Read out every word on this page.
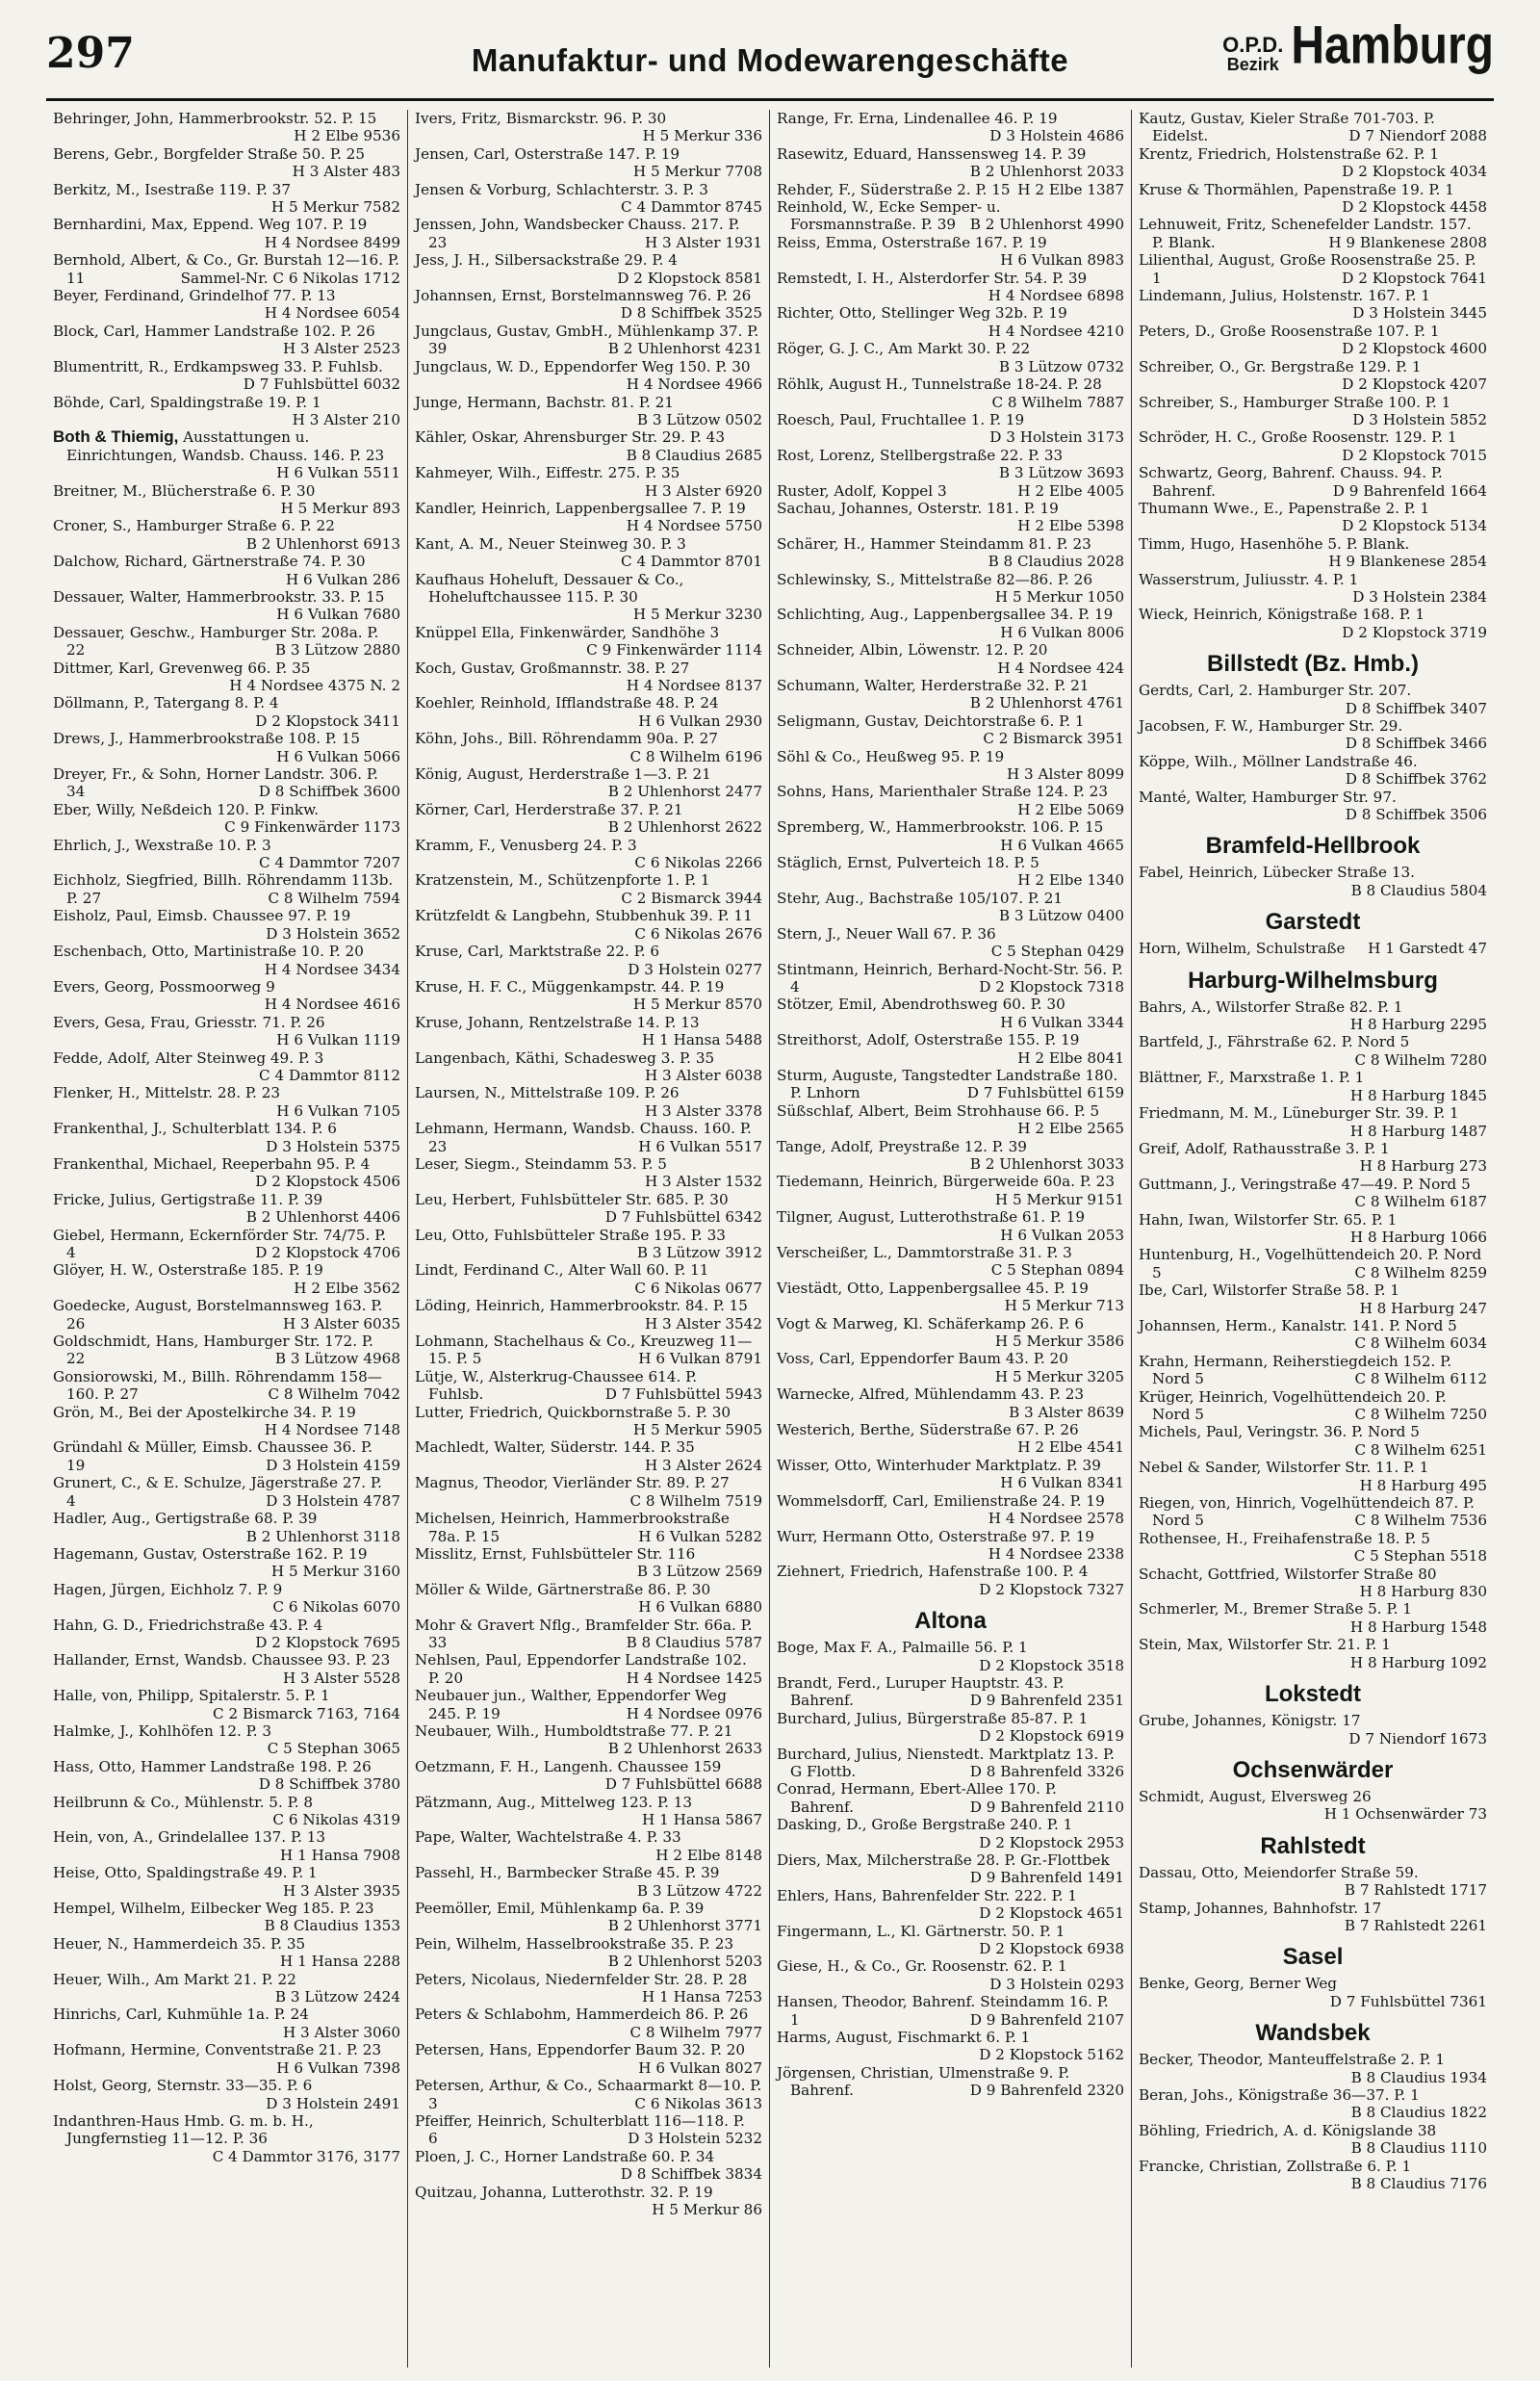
297	Manufaktur- und Modewarengeschäfte	O.P.D.
Bezirk Hamburg

Behringer, John, Hammerbrookstr. 52. P. 15
H 2 Elbe 9536

Berens, Gebr., Borgfelder Straße 50. P. 25
H 3 Alster 483

Berkitz, M., Isestraße 119. P. 37
H 5 Merkur 7582

Bernhardini, Max, Eppend. Weg 107. P. 19
H 4 Nordsee 8499

Bernhold, Albert, & Co., Gr. Burstah 12—16. P. 11	Sammel-Nr. C 6 Nikolas 1712

Beyer, Ferdinand, Grindelhof 77. P. 13
H 4 Nordsee 6054

Block, Carl, Hammer Landstraße 102. P. 26
H 3 Alster 2523

Blumentritt, R., Erdkampsweg 33. P. Fuhlsb.
D 7 Fuhlsbüttel 6032

Böhde, Carl, Spaldingstraße 19. P. 1
H 3 Alster 210

Both & Thiemig, Ausstattungen u. Einrichtungen, Wandsb. Chauss. 146. P. 23
H 6 Vulkan 5511

Breitner, M., Blücherstraße 6. P. 30
H 5 Merkur 893

Croner, S., Hamburger Straße 6. P. 22
B 2 Uhlenhorst 6913

Dalchow, Richard, Gärtnerstraße 74. P. 30
H 6 Vulkan 286

Dessauer, Walter, Hammerbrookstr. 33. P. 15
H 6 Vulkan 7680

Dessauer, Geschw., Hamburger Str. 208a. P. 22	B 3 Lützow 2880

Dittmer, Karl, Grevenweg 66. P. 35
H 4 Nordsee 4375 N. 2

Döllmann, P., Tatergang 8. P. 4
D 2 Klopstock 3411

Drews, J., Hammerbrookstraße 108. P. 15
H 6 Vulkan 5066

Dreyer, Fr., & Sohn, Horner Landstr. 306. P. 34	D 8 Schiffbek 3600

Eber, Willy, Neßdeich 120. P. Finkw.
C 9 Finkenwärder 1173

Ehrlich, J., Wexstraße 10. P. 3
C 4 Dammtor 7207

Eichholz, Siegfried, Billh. Röhrendamm 113b. P. 27	C 8 Wilhelm 7594

Eisholz, Paul, Eimsb. Chaussee 97. P. 19
D 3 Holstein 3652

Eschenbach, Otto, Martinistraße 10. P. 20
H 4 Nordsee 3434

Evers, Georg, Possmoorweg 9
H 4 Nordsee 4616

Evers, Gesa, Frau, Griesstr. 71. P. 26
H 6 Vulkan 1119

Fedde, Adolf, Alter Steinweg 49. P. 3
C 4 Dammtor 8112

Flenker, H., Mittelstr. 28. P. 23
H 6 Vulkan 7105

Frankenthal, J., Schulterblatt 134. P. 6
D 3 Holstein 5375

Frankenthal, Michael, Reeperbahn 95. P. 4
D 2 Klopstock 4506

Fricke, Julius, Gertigstraße 11. P. 39
B 2 Uhlenhorst 4406

Giebel, Hermann, Eckernförder Str. 74/75. P. 4	D 2 Klopstock 4706

Glöyer, H. W., Osterstraße 185. P. 19
H 2 Elbe 3562

Goedecke, August, Borstelmannsweg 163. P. 26	H 3 Alster 6035

Goldschmidt, Hans, Hamburger Str. 172. P. 22	B 3 Lützow 4968

Gonsiorowski, M., Billh. Röhrendamm 158—160. P. 27	C 8 Wilhelm 7042

Grön, M., Bei der Apostelkirche 34. P. 19
H 4 Nordsee 7148

Gründahl & Müller, Eimsb. Chaussee 36. P. 19	D 3 Holstein 4159

Grunert, C., & E. Schulze, Jägerstraße 27. P. 4	D 3 Holstein 4787

Hadler, Aug., Gertigstraße 68. P. 39
B 2 Uhlenhorst 3118

Hagemann, Gustav, Osterstraße 162. P. 19
H 5 Merkur 3160

Hagen, Jürgen, Eichholz 7. P. 9
C 6 Nikolas 6070

Hahn, G. D., Friedrichstraße 43. P. 4
D 2 Klopstock 7695

Hallander, Ernst, Wandsb. Chaussee 93. P. 23
H 3 Alster 5528

Halle, von, Philipp, Spitalerstr. 5. P. 1
C 2 Bismarck 7163, 7164

Halmke, J., Kohlhöfen 12. P. 3
C 5 Stephan 3065

Hass, Otto, Hammer Landstraße 198. P. 26
D 8 Schiffbek 3780

Heilbrunn & Co., Mühlenstr. 5. P. 8
C 6 Nikolas 4319

Hein, von, A., Grindelallee 137. P. 13
H 1 Hansa 7908

Heise, Otto, Spaldingstraße 49. P. 1
H 3 Alster 3935

Hempel, Wilhelm, Eilbecker Weg 185. P. 23
B 8 Claudius 1353

Heuer, N., Hammerdeich 35. P. 35
H 1 Hansa 2288

Heuer, Wilh., Am Markt 21. P. 22
B 3 Lützow 2424

Hinrichs, Carl, Kuhmühle 1a. P. 24
H 3 Alster 3060

Hofmann, Hermine, Conventstraße 21. P. 23
H 6 Vulkan 7398

Holst, Georg, Sternstr. 33—35. P. 6
D 3 Holstein 2491

Indanthren-Haus Hmb. G. m. b. H., Jungfernstieg 11—12. P. 36
C 4 Dammtor 3176, 3177

Ivers, Fritz, Bismarckstr. 96. P. 30
H 5 Merkur 336

Jensen, Carl, Osterstraße 147. P. 19
H 5 Merkur 7708

Jensen & Vorburg, Schlachterstr. 3. P. 3
C 4 Dammtor 8745

Jenssen, John, Wandsbecker Chauss. 217. P. 23	H 3 Alster 1931

Jess, J. H., Silbersackstraße 29. P. 4
D 2 Klopstock 8581

Johannsen, Ernst, Borstelmannsweg 76. P. 26
D 8 Schiffbek 3525

Jungclaus, Gustav, GmbH., Mühlenkamp 37. P. 39	B 2 Uhlenhorst 4231

Jungclaus, W. D., Eppendorfer Weg 150. P. 30
H 4 Nordsee 4966

Junge, Hermann, Bachstr. 81. P. 21
B 3 Lützow 0502

Kähler, Oskar, Ahrensburger Str. 29. P. 43
B 8 Claudius 2685

Kahmeyer, Wilh., Eiffestr. 275. P. 35
H 3 Alster 6920

Kandler, Heinrich, Lappenbergsallee 7. P. 19
H 4 Nordsee 5750

Kant, A. M., Neuer Steinweg 30. P. 3
C 4 Dammtor 8701

Kaufhaus Hoheluft, Dessauer & Co., Hoheluftchaussee 115. P. 30
H 5 Merkur 3230

Knüppel Ella, Finkenwärder, Sandhöhe 3
C 9 Finkenwärder 1114

Koch, Gustav, Großmannstr. 38. P. 27
H 4 Nordsee 8137

Koehler, Reinhold, Ifflandstraße 48. P. 24
H 6 Vulkan 2930

Köhn, Johs., Bill. Röhrendamm 90a. P. 27
C 8 Wilhelm 6196

König, August, Herderstraße 1—3. P. 21
B 2 Uhlenhorst 2477

Körner, Carl, Herderstraße 37. P. 21
B 2 Uhlenhorst 2622

Kramm, F., Venusberg 24. P. 3
C 6 Nikolas 2266

Kratzenstein, M., Schützenpforte 1. P. 1
C 2 Bismarck 3944

Krützfeldt & Langbehn, Stubbenhuk 39. P. 11
C 6 Nikolas 2676

Kruse, Carl, Marktstraße 22. P. 6
D 3 Holstein 0277

Kruse, H. F. C., Müggenkampstr. 44. P. 19
H 5 Merkur 8570

Kruse, Johann, Rentzelstraße 14. P. 13
H 1 Hansa 5488

Langenbach, Käthi, Schadesweg 3. P. 35
H 3 Alster 6038

Laursen, N., Mittelstraße 109. P. 26
H 3 Alster 3378

Lehmann, Hermann, Wandsb. Chauss. 160. P. 23	H 6 Vulkan 5517

Leser, Siegm., Steindamm 53. P. 5
H 3 Alster 1532

Leu, Herbert, Fuhlsbütteler Str. 685. P. 30
D 7 Fuhlsbüttel 6342

Leu, Otto, Fuhlsbütteler Straße 195. P. 33
B 3 Lützow 3912

Lindt, Ferdinand C., Alter Wall 60. P. 11
C 6 Nikolas 0677

Löding, Heinrich, Hammerbrookstr. 84. P. 15
H 3 Alster 3542

Lohmann, Stachelhaus & Co., Kreuzweg 11—15. P. 5	H 6 Vulkan 8791

Lütje, W., Alsterkrug-Chaussee 614. P. Fuhlsb.	D 7 Fuhlsbüttel 5943

Lutter, Friedrich, Quickbornstraße 5. P. 30
H 5 Merkur 5905

Machledt, Walter, Süderstr. 144. P. 35
H 3 Alster 2624

Magnus, Theodor, Vierländer Str. 89. P. 27
C 8 Wilhelm 7519

Michelsen, Heinrich, Hammerbrookstraße 78a. P. 15	H 6 Vulkan 5282

Misslitz, Ernst, Fuhlsbütteler Str. 116
B 3 Lützow 2569

Möller & Wilde, Gärtnerstraße 86. P. 30
H 6 Vulkan 6880

Mohr & Gravert Nflg., Bramfelder Str. 66a. P. 33	B 8 Claudius 5787

Nehlsen, Paul, Eppendorfer Landstraße 102. P. 20	H 4 Nordsee 1425

Neubauer jun., Walther, Eppendorfer Weg 245. P. 19	H 4 Nordsee 0976

Neubauer, Wilh., Humboldtstraße 77. P. 21
B 2 Uhlenhorst 2633

Oetzmann, F. H., Langenh. Chaussee 159
D 7 Fuhlsbüttel 6688

Pätzmann, Aug., Mittelweg 123. P. 13
H 1 Hansa 5867

Pape, Walter, Wachtelstraße 4. P. 33
H 2 Elbe 8148

Passehl, H., Barmbecker Straße 45. P. 39
B 3 Lützow 4722

Peemöller, Emil, Mühlenkamp 6a. P. 39
B 2 Uhlenhorst 3771

Pein, Wilhelm, Hasselbrookstraße 35. P. 23
B 2 Uhlenhorst 5203

Peters, Nicolaus, Niedernfelder Str. 28. P. 28
H 1 Hansa 7253

Peters & Schlabohm, Hammerdeich 86. P. 26
C 8 Wilhelm 7977

Petersen, Hans, Eppendorfer Baum 32. P. 20
H 6 Vulkan 8027

Petersen, Arthur, & Co., Schaarmarkt 8—10. P. 3	C 6 Nikolas 3613

Pfeiffer, Heinrich, Schulterblatt 116—118. P. 6	D 3 Holstein 5232

Ploen, J. C., Horner Landstraße 60. P. 34
D 8 Schiffbek 3834

Quitzau, Johanna, Lutterothstr. 32. P. 19
H 5 Merkur 86

Range, Fr. Erna, Lindenallee 46. P. 19
D 3 Holstein 4686

Rasewitz, Eduard, Hanssensweg 14. P. 39
B 2 Uhlenhorst 2033

Rehder, F., Süderstraße 2. P. 15 H 2 Elbe 1387

Reinhold, W., Ecke Semper- u. Forsmannstraße. P. 39 B 2 Uhlenhorst 4990

Reiss, Emma, Osterstraße 167. P. 19
H 6 Vulkan 8983

Remstedt, I. H., Alsterdorfer Str. 54. P. 39
H 4 Nordsee 6898

Richter, Otto, Stellinger Weg 32b. P. 19
H 4 Nordsee 4210

Röger, G. J. C., Am Markt 30. P. 22
B 3 Lützow 0732

Röhlk, August H., Tunnelstraße 18-24. P. 28
C 8 Wilhelm 7887

Roesch, Paul, Fruchtallee 1. P. 19
D 3 Holstein 3173

Rost, Lorenz, Stellbergstraße 22. P. 33
B 3 Lützow 3693

Ruster, Adolf, Koppel 3	H 2 Elbe 4005

Sachau, Johannes, Osterstr. 181. P. 19
H 2 Elbe 5398

Schärer, H., Hammer Steindamm 81. P. 23
B 8 Claudius 2028

Schlewinsky, S., Mittelstraße 82—86. P. 26
H 5 Merkur 1050

Schlichting, Aug., Lappenbergsallee 34. P. 19
H 6 Vulkan 8006

Schneider, Albin, Löwenstr. 12. P. 20
H 4 Nordsee 424

Schumann, Walter, Herderstraße 32. P. 21
B 2 Uhlenhorst 4761

Seligmann, Gustav, Deichtorstraße 6. P. 1
C 2 Bismarck 3951

Söhl & Co., Heußweg 95. P. 19
H 3 Alster 8099

Sohns, Hans, Marienthaler Straße 124. P. 23
H 2 Elbe 5069

Spremberg, W., Hammerbrookstr. 106. P. 15
H 6 Vulkan 4665

Stäglich, Ernst, Pulverteich 18. P. 5
H 2 Elbe 1340

Stehr, Aug., Bachstraße 105/107. P. 21
B 3 Lützow 0400

Stern, J., Neuer Wall 67. P. 36
C 5 Stephan 0429

Stintmann, Heinrich, Berhard-Nocht-Str. 56. P. 4	D 2 Klopstock 7318

Stötzer, Emil, Abendrothsweg 60. P. 30
H 6 Vulkan 3344

Streithorst, Adolf, Osterstraße 155. P. 19
H 2 Elbe 8041

Sturm, Auguste, Tangstedter Landstraße 180. P. Lnhorn	D 7 Fuhlsbüttel 6159

Süßschlaf, Albert, Beim Strohhause 66. P. 5
H 2 Elbe 2565

Tange, Adolf, Preystraße 12. P. 39
B 2 Uhlenhorst 3033

Tiedemann, Heinrich, Bürgerweide 60a. P. 23
H 5 Merkur 9151

Tilgner, August, Lutterothstraße 61. P. 19
H 6 Vulkan 2053

Verscheißer, L., Dammtorstraße 31. P. 3
C 5 Stephan 0894

Viestädt, Otto, Lappenbergsallee 45. P. 19
H 5 Merkur 713

Vogt & Marweg, Kl. Schäferkamp 26. P. 6
H 5 Merkur 3586

Voss, Carl, Eppendorfer Baum 43. P. 20
H 5 Merkur 3205

Warnecke, Alfred, Mühlendamm 43. P. 23
B 3 Alster 8639

Westerich, Berthe, Süderstraße 67. P. 26
H 2 Elbe 4541

Wisser, Otto, Winterhuder Marktplatz. P. 39
H 6 Vulkan 8341

Wommelsdorff, Carl, Emilienstraße 24. P. 19
H 4 Nordsee 2578

Wurr, Hermann Otto, Osterstraße 97. P. 19
H 4 Nordsee 2338

Ziehnert, Friedrich, Hafenstraße 100. P. 4
D 2 Klopstock 7327

Altona

Boge, Max F. A., Palmaille 56. P. 1
D 2 Klopstock 3518

Brandt, Ferd., Luruper Hauptstr. 43. P. Bahrenf.	D 9 Bahrenfeld 2351

Burchard, Julius, Bürgerstraße 85-87. P. 1
D 2 Klopstock 6919

Burchard, Julius, Nienstedt. Marktplatz 13. P. G Flottb.	D 8 Bahrenfeld 3326

Conrad, Hermann, Ebert-Allee 170. P. Bahrenf.	D 9 Bahrenfeld 2110

Dasking, D., Große Bergstraße 240. P. 1
D 2 Klopstock 2953

Diers, Max, Milcherstraße 28. P. Gr.-Flottbek
D 9 Bahrenfeld 1491

Ehlers, Hans, Bahrenfelder Str. 222. P. 1
D 2 Klopstock 4651

Fingermann, L., Kl. Gärtnerstr. 50. P. 1
D 2 Klopstock 6938

Giese, H., & Co., Gr. Roosenstr. 62. P. 1
D 3 Holstein 0293

Hansen, Theodor, Bahrenf. Steindamm 16. P. 1	D 9 Bahrenfeld 2107

Harms, August, Fischmarkt 6. P. 1
D 2 Klopstock 5162

Jörgensen, Christian, Ulmenstraße 9. P. Bahrenf.	D 9 Bahrenfeld 2320

Kautz, Gustav, Kieler Straße 701-703. P. Eidelst.	D 7 Niendorf 2088

Krentz, Friedrich, Holstenstraße 62. P. 1
D 2 Klopstock 4034

Kruse & Thormählen, Papenstraße 19. P. 1
D 2 Klopstock 4458

Lehnuweit, Fritz, Schenefelder Landstr. 157. P. Blank.	H 9 Blankenese 2808

Lilienthal, August, Große Roosenstraße 25. P. 1	D 2 Klopstock 7641

Lindemann, Julius, Holstenstr. 167. P. 1
D 3 Holstein 3445

Peters, D., Große Roosenstraße 107. P. 1
D 2 Klopstock 4600

Schreiber, O., Gr. Bergstraße 129. P. 1
D 2 Klopstock 4207

Schreiber, S., Hamburger Straße 100. P. 1
D 3 Holstein 5852

Schröder, H. C., Große Roosenstr. 129. P. 1
D 2 Klopstock 7015

Schwartz, Georg, Bahrenf. Chauss. 94. P. Bahrenf.	D 9 Bahrenfeld 1664

Thumann Wwe., E., Papenstraße 2. P. 1
D 2 Klopstock 5134

Timm, Hugo, Hasenhöhe 5. P. Blank.
H 9 Blankenese 2854

Wasserstrum, Juliusstr. 4. P. 1
D 3 Holstein 2384

Wieck, Heinrich, Königstraße 168. P. 1
D 2 Klopstock 3719

Billstedt (Bz. Hmb.)

Gerdts, Carl, 2. Hamburger Str. 207.
D 8 Schiffbek 3407

Jacobsen, F. W., Hamburger Str. 29.
D 8 Schiffbek 3466

Köppe, Wilh., Möllner Landstraße 46.
D 8 Schiffbek 3762

Manté, Walter, Hamburger Str. 97.
D 8 Schiffbek 3506

Bramfeld-Hellbrook

Fabel, Heinrich, Lübecker Straße 13.
B 8 Claudius 5804

Garstedt

Horn, Wilhelm, Schulstraße H 1 Garstedt 47

Harburg-Wilhelmsburg

Bahrs, A., Wilstorfer Straße 82. P. 1
H 8 Harburg 2295

Bartfeld, J., Fährstraße 62. P. Nord 5
C 8 Wilhelm 7280

Blättner, F., Marxstraße 1. P. 1
H 8 Harburg 1845

Friedmann, M. M., Lüneburger Str. 39. P. 1
H 8 Harburg 1487

Greif, Adolf, Rathausstraße 3. P. 1
H 8 Harburg 273

Guttmann, J., Veringstraße 47—49. P. Nord 5
C 8 Wilhelm 6187

Hahn, Iwan, Wilstorfer Str. 65. P. 1
H 8 Harburg 1066

Huntenburg, H., Vogelhüttendeich 20. P. Nord 5	C 8 Wilhelm 8259

Ibe, Carl, Wilstorfer Straße 58. P. 1
H 8 Harburg 247

Johannsen, Herm., Kanalstr. 141. P. Nord 5
C 8 Wilhelm 6034

Krahn, Hermann, Reiherstiegdeich 152. P. Nord 5	C 8 Wilhelm 6112

Krüger, Heinrich, Vogelhüttendeich 20. P. Nord 5	C 8 Wilhelm 7250

Michels, Paul, Veringstr. 36. P. Nord 5
C 8 Wilhelm 6251

Nebel & Sander, Wilstorfer Str. 11. P. 1
H 8 Harburg 495

Riegen, von, Hinrich, Vogelhüttendeich 87. P. Nord 5	C 8 Wilhelm 7536

Rothensee, H., Freihafenstraße 18. P. 5
C 5 Stephan 5518

Schacht, Gottfried, Wilstorfer Straße 80
H 8 Harburg 830

Schmerler, M., Bremer Straße 5. P. 1
H 8 Harburg 1548

Stein, Max, Wilstorfer Str. 21. P. 1
H 8 Harburg 1092

Lokstedt

Grube, Johannes, Königstr. 17
D 7 Niendorf 1673

Ochsenwärder

Schmidt, August, Elversweg 26
H 1 Ochsenwärder 73

Rahlstedt

Dassau, Otto, Meiendorfer Straße 59.
B 7 Rahlstedt 1717

Stamp, Johannes, Bahnhofstr. 17
B 7 Rahlstedt 2261

Sasel

Benke, Georg, Berner Weg
D 7 Fuhlsbüttel 7361

Wandsbek

Becker, Theodor, Manteuffelstraße 2. P. 1
B 8 Claudius 1934

Beran, Johs., Königstraße 36—37. P. 1
B 8 Claudius 1822

Böhling, Friedrich, A. d. Königslande 38
B 8 Claudius 1110

Francke, Christian, Zollstraße 6. P. 1
B 8 Claudius 7176
